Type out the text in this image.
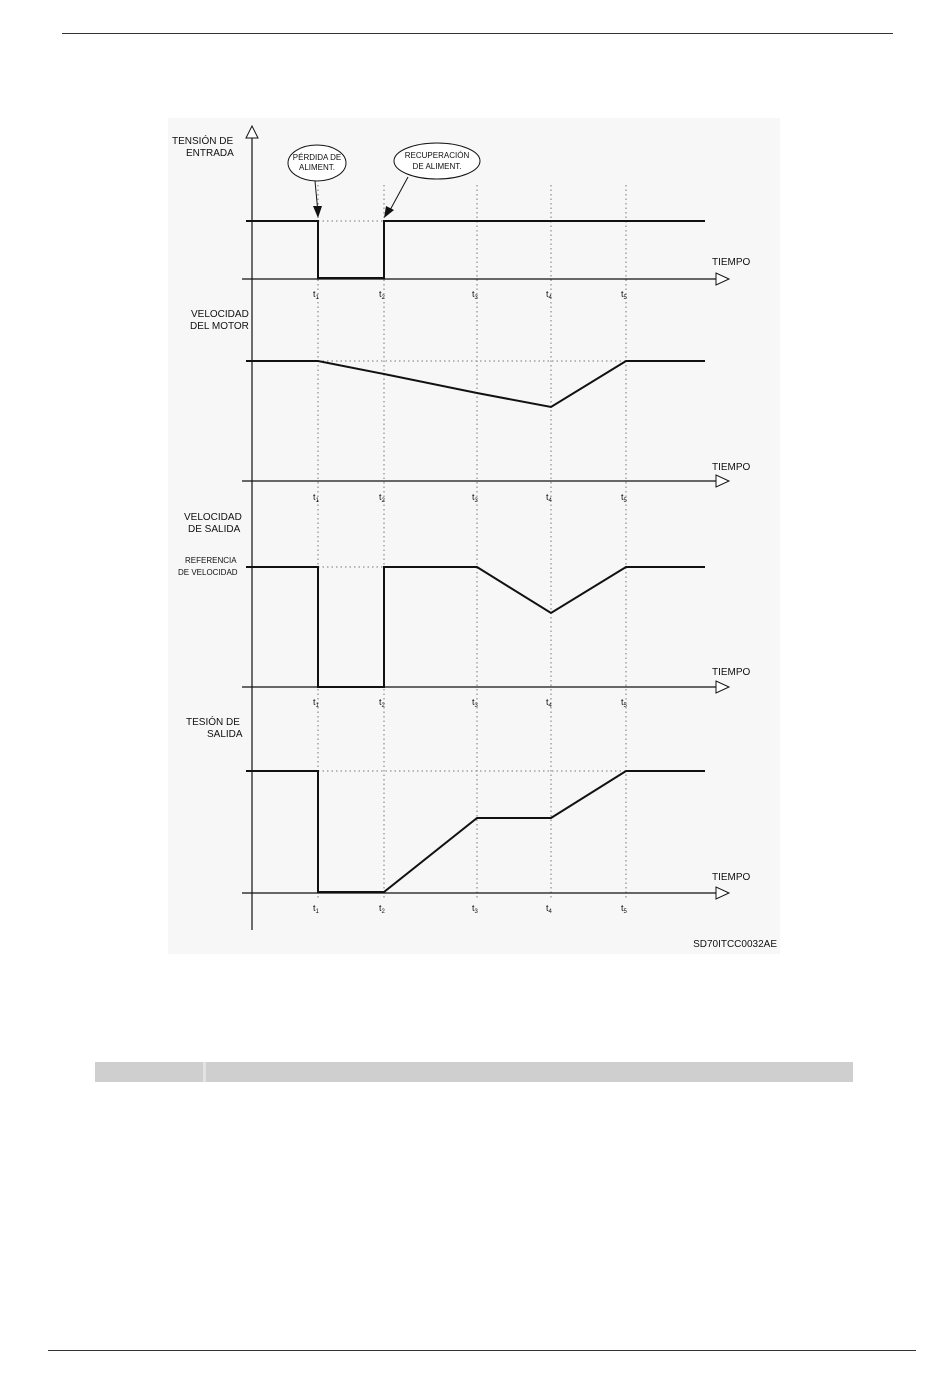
TENSIÓN DE
ENTRADA
TIEMPO
PÉRDIDA DE
ALIMENT.
RECUPERACIÓN
DE ALIMENT.
VELOCIDAD
DEL MOTOR
TIEMPO
VELOCIDAD
DE SALIDA
REFERENCIA
DE VELOCIDAD
TIEMPO
TESIÓN DE
SALIDA
TIEMPO
$t_1$	$t_2$	$t_3$	$t_4$	$t_5$
$t_1$	$t_2$	$t_3$	$t_4$	$t_5$
$t_1$	$t_2$	$t_3$	$t_4$	$t_5$
$t_1$	$t_2$	$t_3$	$t_4$	$t_5$
SD70ITCC0032AE
